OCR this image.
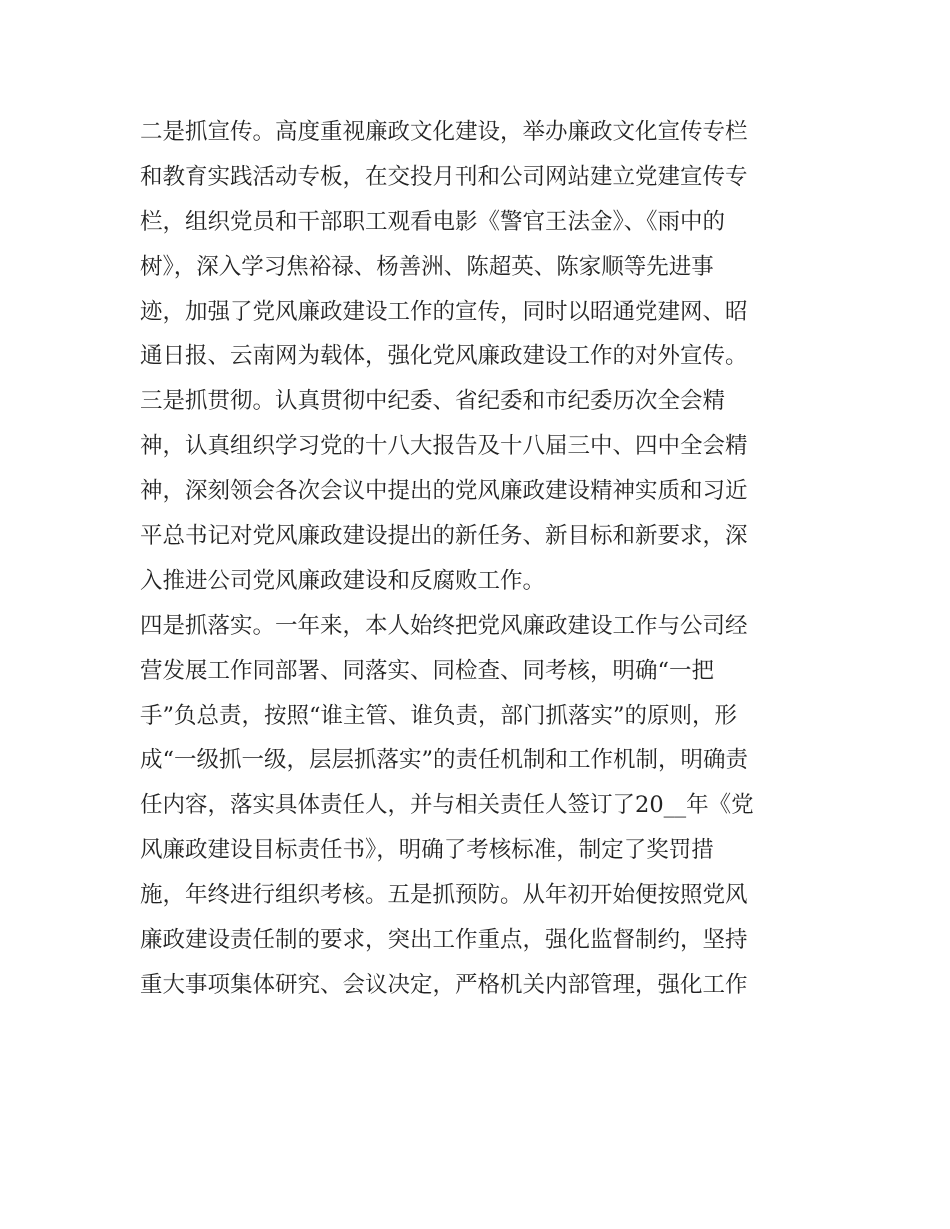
二是抓宣传。高度重视廉政文化建设，举办廉政文化宣传专栏
和教育实践活动专板，在交投月刊和公司网站建立党建宣传专
栏，组织党员和干部职工观看电影《警官王法金》、《雨中的
树》，深入学习焦裕禄、杨善洲、陈超英、陈家顺等先进事
迹，加强了党风廉政建设工作的宣传，同时以昭通党建网、昭
通日报、云南网为载体，强化党风廉政建设工作的对外宣传。
三是抓贯彻。认真贯彻中纪委、省纪委和市纪委历次全会精
神，认真组织学习党的十八大报告及十八届三中、四中全会精
神，深刻领会各次会议中提出的党风廉政建设精神实质和习近
平总书记对党风廉政建设提出的新任务、新目标和新要求，深
入推进公司党风廉政建设和反腐败工作。
四是抓落实。一年来，本人始终把党风廉政建设工作与公司经
营发展工作同部署、同落实、同检查、同考核，明确“一把
手”负总责，按照“谁主管、谁负责，部门抓落实”的原则，形
成“一级抓一级，层层抓落实”的责任机制和工作机制，明确责
任内容，落实具体责任人，并与相关责任人签订了20__年《党
风廉政建设目标责任书》，明确了考核标准，制定了奖罚措
施，年终进行组织考核。五是抓预防。从年初开始便按照党风
廉政建设责任制的要求，突出工作重点，强化监督制约，坚持
重大事项集体研究、会议决定，严格机关内部管理，强化工作
